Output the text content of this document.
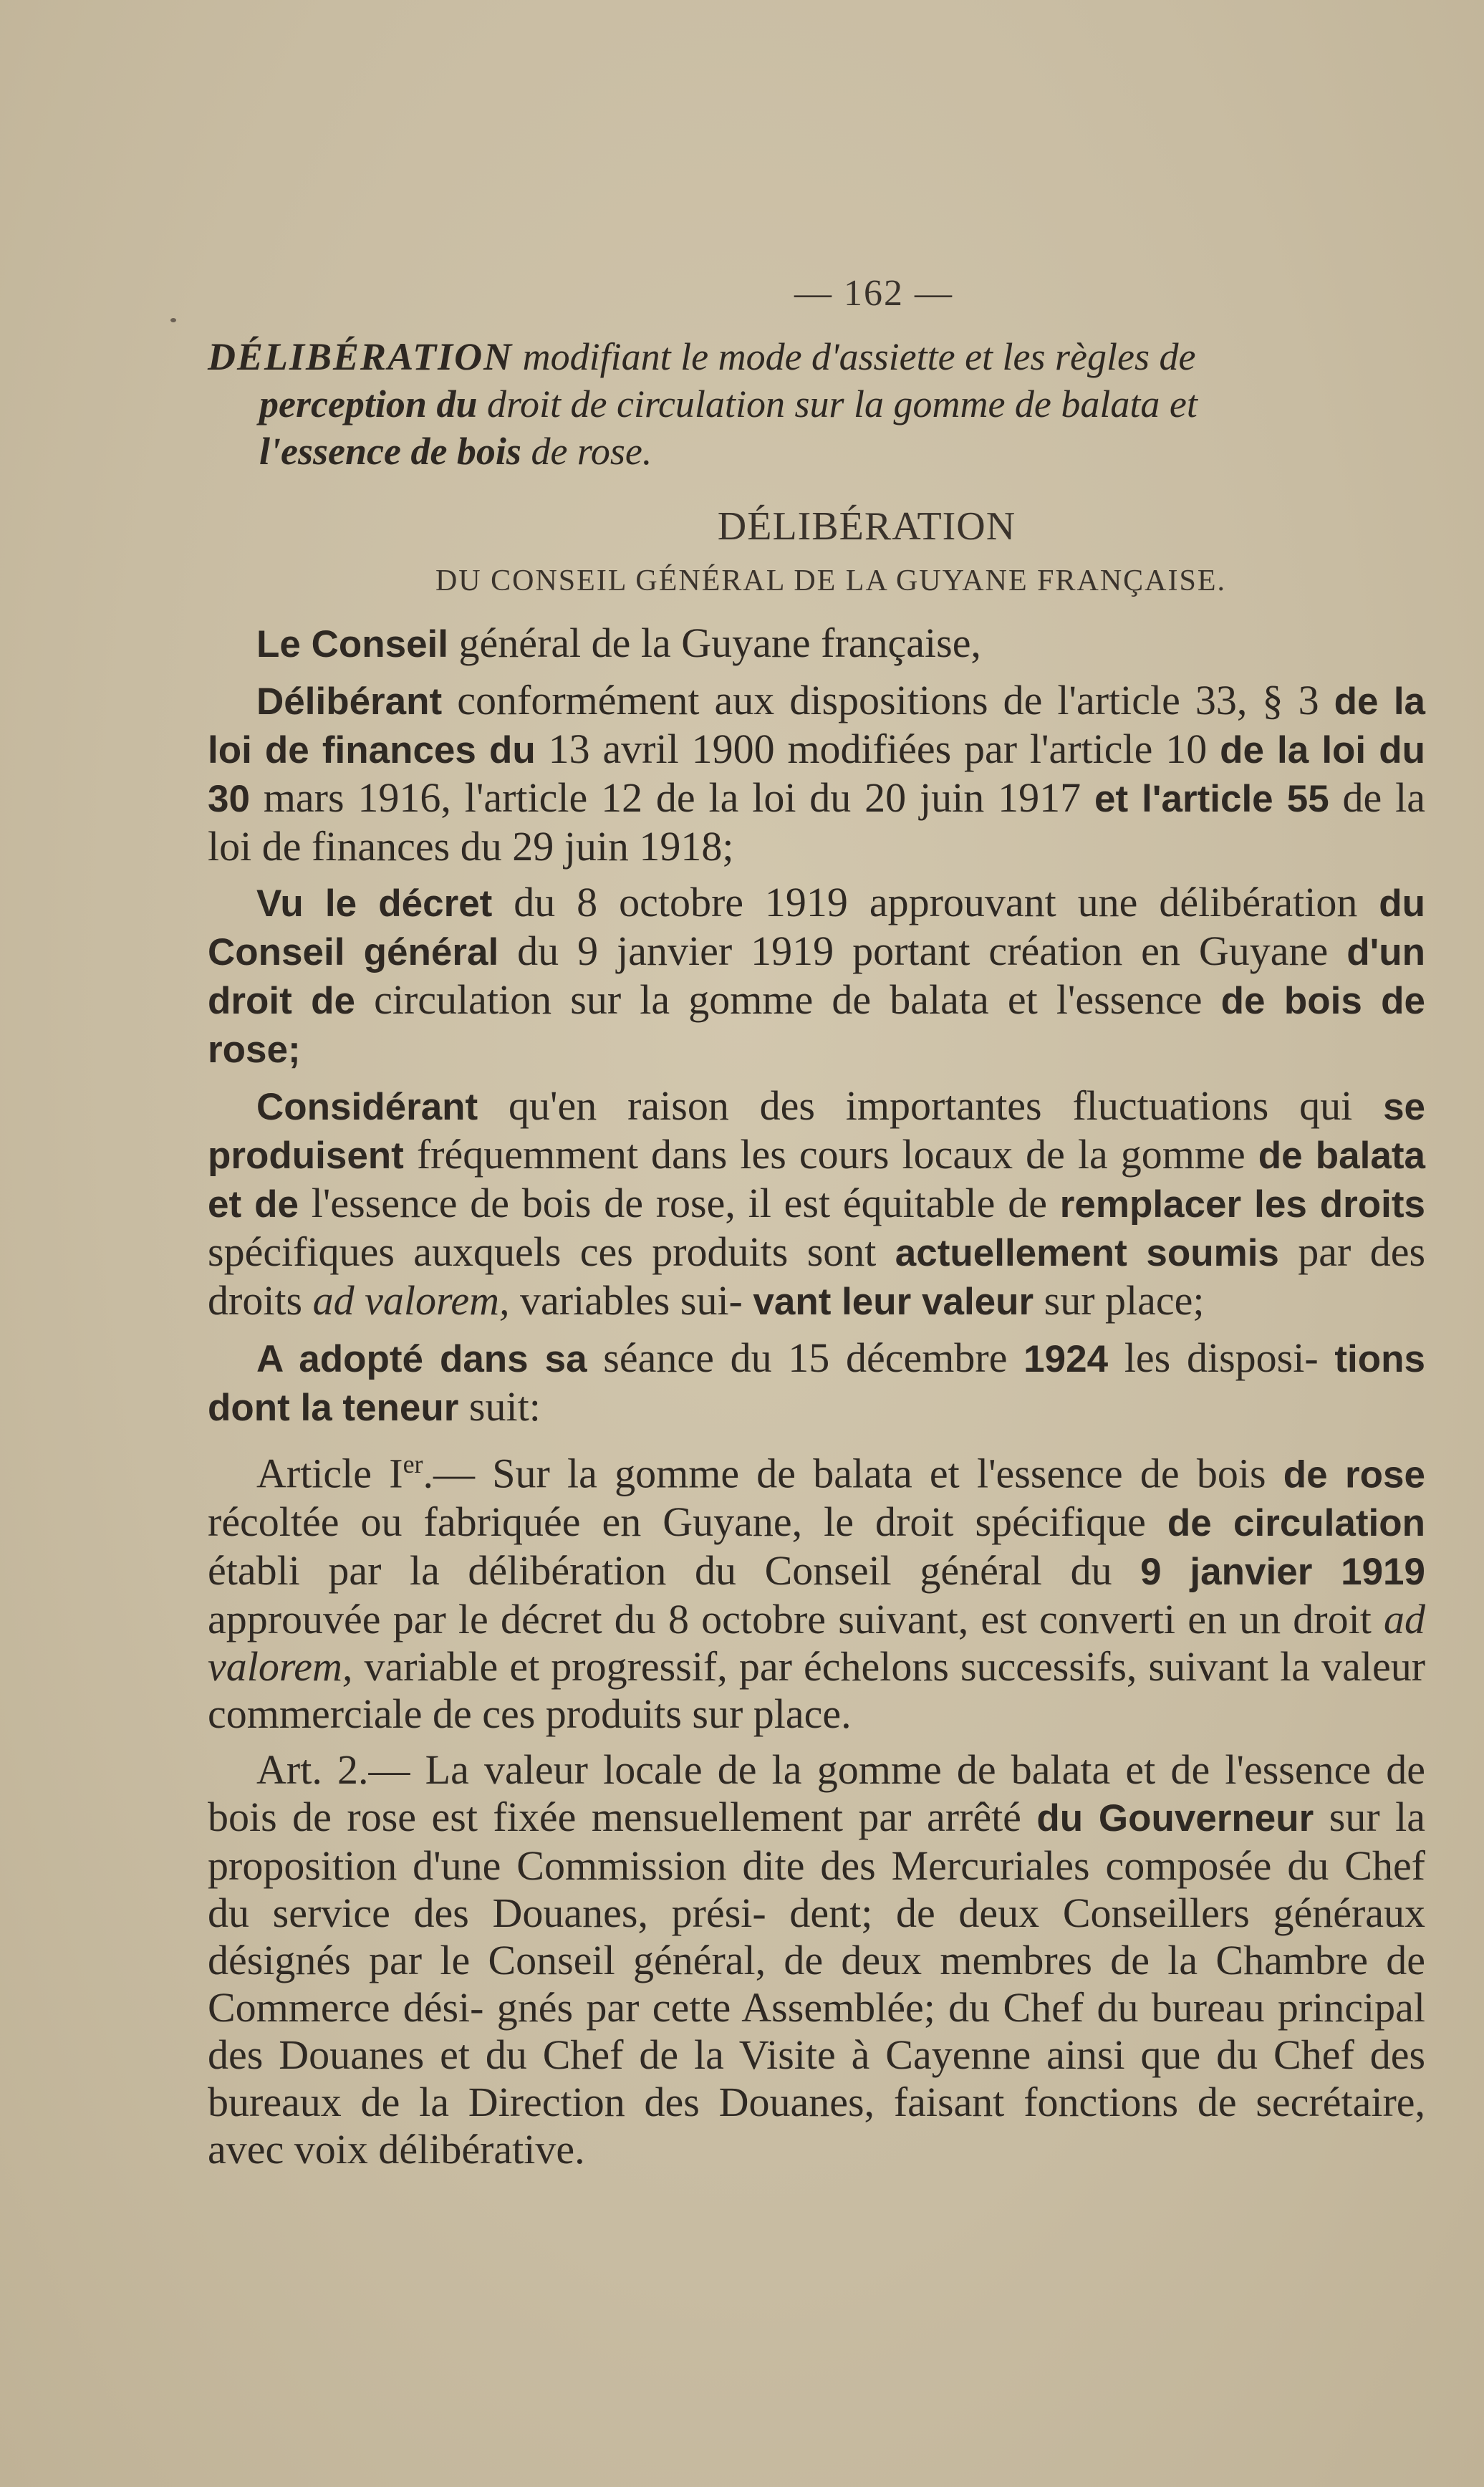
— 162 —
DÉLIBÉRATION modifiant le mode d'assiette et les règles de
perception du droit de circulation sur la gomme de balata et
l'essence de bois de rose.
DÉLIBÉRATION
DU CONSEIL GÉNÉRAL DE LA GUYANE FRANÇAISE.

Le Conseil général de la Guyane française,

Délibérant conformément aux dispositions de l'article 33, § 3 de la loi de finances du 13 avril 1900 modifiées par l'article 10 de la loi du 30 mars 1916, l'article 12 de la loi du 20 juin 1917 et l'article 55 de la loi de finances du 29 juin 1918;

Vu le décret du 8 octobre 1919 approuvant une délibération du Conseil général du 9 janvier 1919 portant création en Guyane d'un droit de circulation sur la gomme de balata et l'essence de bois de rose;

Considérant qu'en raison des importantes fluctuations qui se produisent fréquemment dans les cours locaux de la gomme de balata et de l'essence de bois de rose, il est équitable de remplacer les droits spécifiques auxquels ces produits sont actuellement soumis par des droits ad valorem, variables sui- vant leur valeur sur place;

A adopté dans sa séance du 15 décembre 1924 les disposi- tions dont la teneur suit:

Article Ier.— Sur la gomme de balata et l'essence de bois de rose récoltée ou fabriquée en Guyane, le droit spécifique de circulation établi par la délibération du Conseil général du 9 janvier 1919 approuvée par le décret du 8 octobre suivant, est converti en un droit ad valorem, variable et progressif, par échelons successifs, suivant la valeur commerciale de ces produits sur place.

Art. 2.— La valeur locale de la gomme de balata et de l'essence de bois de rose est fixée mensuellement par arrêté du Gouverneur sur la proposition d'une Commission dite des Mercuriales composée du Chef du service des Douanes, prési- dent; de deux Conseillers généraux désignés par le Conseil général, de deux membres de la Chambre de Commerce dési- gnés par cette Assemblée; du Chef du bureau principal des Douanes et du Chef de la Visite à Cayenne ainsi que du Chef des bureaux de la Direction des Douanes, faisant fonctions de secrétaire, avec voix délibérative.
